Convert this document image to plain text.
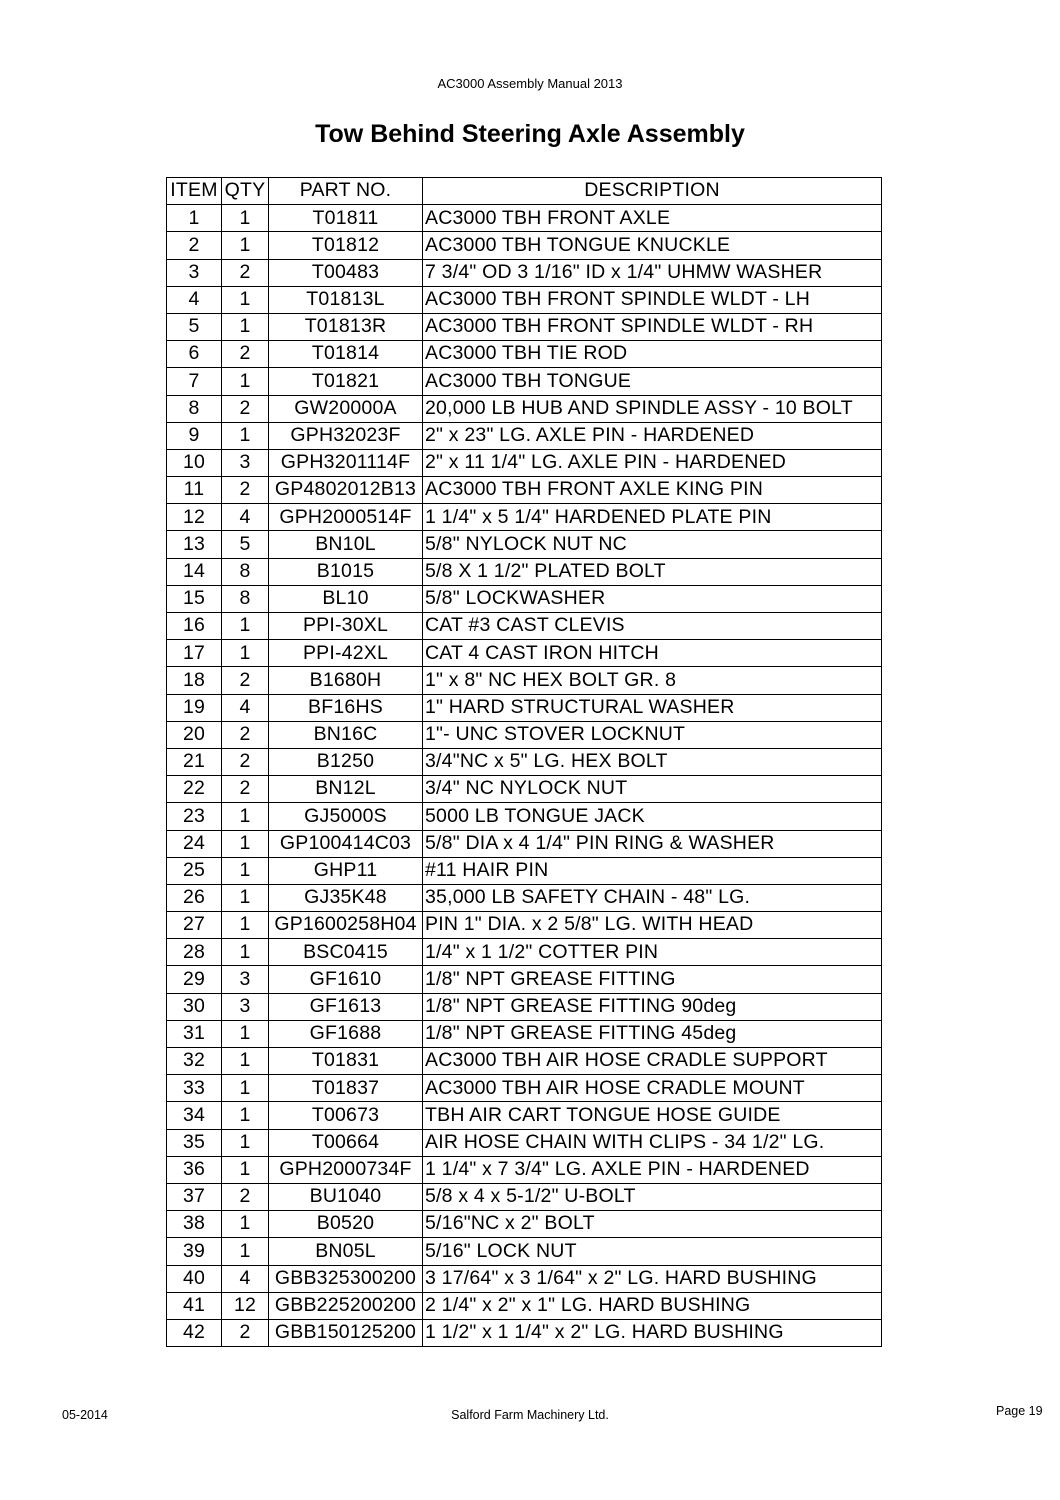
AC3000 Assembly Manual 2013
Tow Behind Steering Axle Assembly
ITEM	QTY	PART NO.	DESCRIPTION
1	1	T01811	AC3000 TBH FRONT AXLE
2	1	T01812	AC3000 TBH TONGUE KNUCKLE
3	2	T00483	7 3/4" OD 3 1/16" ID x 1/4" UHMW WASHER
4	1	T01813L	AC3000 TBH FRONT SPINDLE WLDT - LH
5	1	T01813R	AC3000 TBH FRONT SPINDLE WLDT - RH
6	2	T01814	AC3000 TBH TIE ROD
7	1	T01821	AC3000 TBH TONGUE
8	2	GW20000A	20,000 LB HUB AND SPINDLE ASSY - 10 BOLT
9	1	GPH32023F	2" x 23" LG. AXLE PIN - HARDENED
10	3	GPH3201114F	2" x 11 1/4" LG. AXLE PIN - HARDENED
11	2	GP4802012B13	AC3000 TBH FRONT AXLE KING PIN
12	4	GPH2000514F	1 1/4" x 5 1/4" HARDENED PLATE PIN
13	5	BN10L	5/8" NYLOCK NUT NC
14	8	B1015	5/8 X 1 1/2" PLATED BOLT
15	8	BL10	5/8" LOCKWASHER
16	1	PPI-30XL	CAT #3 CAST CLEVIS
17	1	PPI-42XL	CAT 4 CAST IRON HITCH
18	2	B1680H	1" x 8" NC HEX BOLT GR. 8
19	4	BF16HS	1" HARD STRUCTURAL WASHER
20	2	BN16C	1"- UNC STOVER LOCKNUT
21	2	B1250	3/4"NC x 5" LG. HEX BOLT
22	2	BN12L	3/4" NC NYLOCK NUT
23	1	GJ5000S	5000 LB TONGUE JACK
24	1	GP100414C03	5/8" DIA x 4 1/4" PIN RING & WASHER
25	1	GHP11	#11 HAIR PIN
26	1	GJ35K48	35,000 LB SAFETY CHAIN - 48" LG.
27	1	GP1600258H04	PIN 1" DIA. x 2 5/8" LG. WITH HEAD
28	1	BSC0415	1/4" x 1 1/2" COTTER PIN
29	3	GF1610	1/8" NPT GREASE FITTING
30	3	GF1613	1/8" NPT GREASE FITTING 90deg
31	1	GF1688	1/8" NPT GREASE FITTING 45deg
32	1	T01831	AC3000 TBH AIR HOSE CRADLE SUPPORT
33	1	T01837	AC3000 TBH AIR HOSE CRADLE MOUNT
34	1	T00673	TBH AIR CART TONGUE HOSE GUIDE
35	1	T00664	AIR HOSE CHAIN WITH CLIPS - 34 1/2" LG.
36	1	GPH2000734F	1 1/4" x 7 3/4" LG. AXLE PIN - HARDENED
37	2	BU1040	5/8 x 4 x 5-1/2" U-BOLT
38	1	B0520	5/16"NC x 2" BOLT
39	1	BN05L	5/16" LOCK NUT
40	4	GBB325300200	3 17/64" x 3 1/64" x 2" LG. HARD BUSHING
41	12	GBB225200200	2 1/4" x 2" x 1" LG. HARD BUSHING
42	2	GBB150125200	1 1/2" x 1 1/4" x 2" LG. HARD BUSHING
05-2014	Salford Farm Machinery Ltd.	Page 19
